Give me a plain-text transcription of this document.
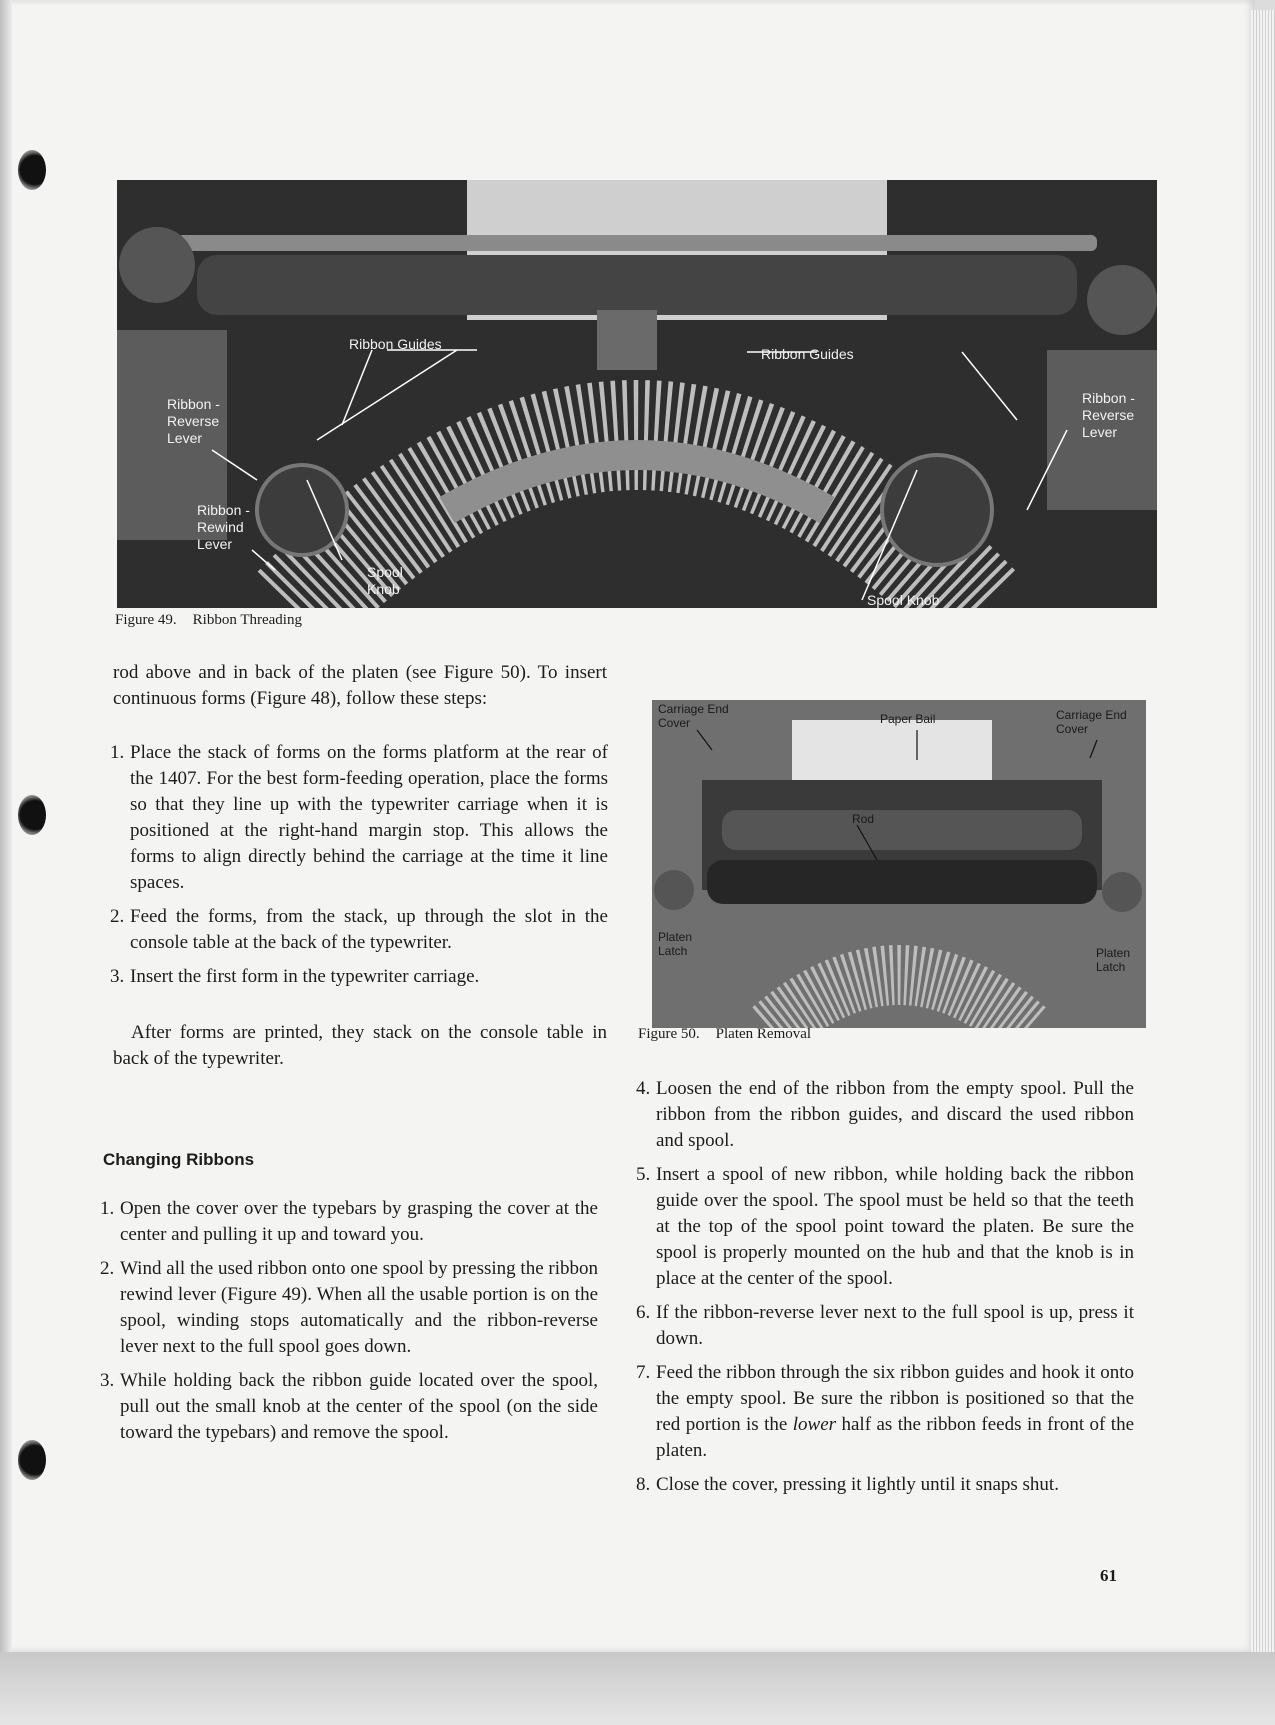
Ribbon Guides
Ribbon Guides
Ribbon -
Reverse
Lever
Ribbon -
Reverse
Lever
Ribbon -
Rewind
Lever
Spool
Knob
Spool Knob
Figure 49. Ribbon Threading
rod above and in back of the platen (see Figure 50). To insert continuous forms (Figure 48), follow these steps:
1. Place the stack of forms on the forms platform at the rear of the 1407. For the best form-feeding operation, place the forms so that they line up with the typewriter carriage when it is positioned at the right-hand margin stop. This allows the forms to align directly behind the carriage at the time it line spaces.
2. Feed the forms, from the stack, up through the slot in the console table at the back of the typewriter.
3. Insert the first form in the typewriter carriage.
After forms are printed, they stack on the console table in back of the typewriter.
Changing Ribbons
1. Open the cover over the typebars by grasping the cover at the center and pulling it up and toward you.
2. Wind all the used ribbon onto one spool by pressing the ribbon rewind lever (Figure 49). When all the usable portion is on the spool, winding stops automatically and the ribbon-reverse lever next to the full spool goes down.
3. While holding back the ribbon guide located over the spool, pull out the small knob at the center of the spool (on the side toward the typebars) and remove the spool.
Carriage End
Cover	Paper Bail	Carriage End
Cover
Rod
Platen
Latch	Platen
Latch
Figure 50. Platen Removal
4. Loosen the end of the ribbon from the empty spool. Pull the ribbon from the ribbon guides, and discard the used ribbon and spool.
5. Insert a spool of new ribbon, while holding back the ribbon guide over the spool. The spool must be held so that the teeth at the top of the spool point toward the platen. Be sure the spool is properly mounted on the hub and that the knob is in place at the center of the spool.
6. If the ribbon-reverse lever next to the full spool is up, press it down.
7. Feed the ribbon through the six ribbon guides and hook it onto the empty spool. Be sure the ribbon is positioned so that the red portion is the lower half as the ribbon feeds in front of the platen.
8. Close the cover, pressing it lightly until it snaps shut.
61
